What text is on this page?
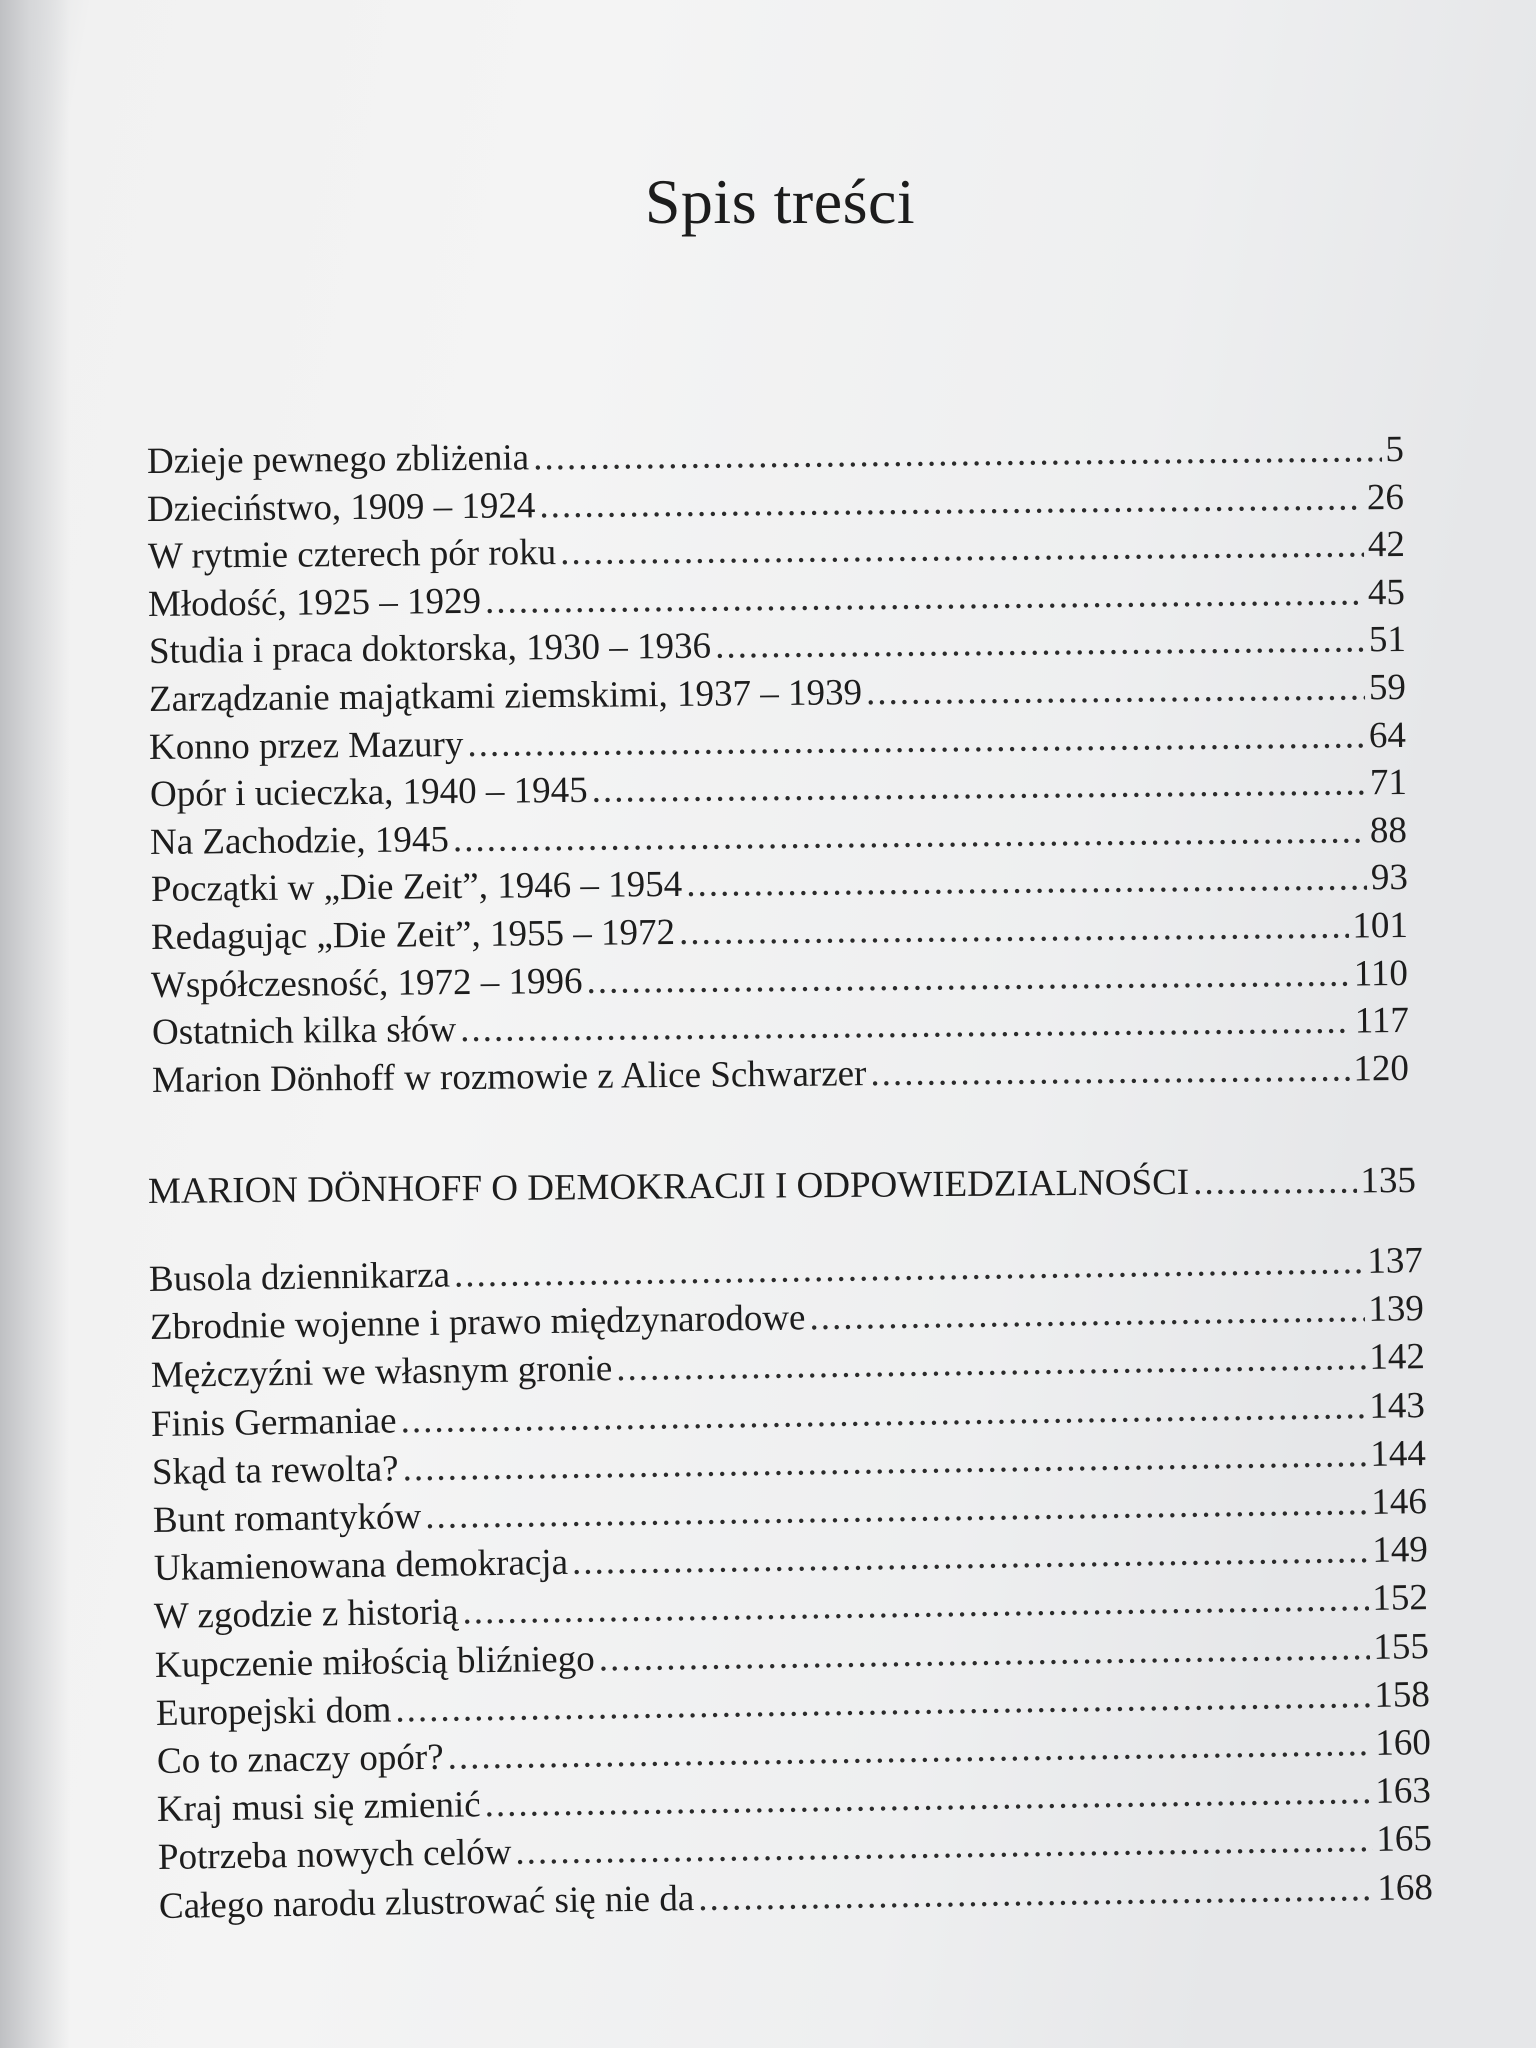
Spis treści
Dzieje pewnego zbliżenia .....	5
Dzieciństwo, 1909 – 1924 .....	26
W rytmie czterech pór roku .....	42
Młodość, 1925 – 1929 .....	45
Studia i praca doktorska, 1930 – 1936 .....	51
Zarządzanie majątkami ziemskimi, 1937 – 1939 .....	59
Konno przez Mazury .....	64
Opór i ucieczka, 1940 – 1945 .....	71
Na Zachodzie, 1945 .....	88
Początki w „Die Zeit”, 1946 – 1954 .....	93
Redagując „Die Zeit”, 1955 – 1972 .....	101
Współczesność, 1972 – 1996 .....	110
Ostatnich kilka słów .....	117
Marion Dönhoff w rozmowie z Alice Schwarzer .....	120
MARION DÖNHOFF O DEMOKRACJI I ODPOWIEDZIALNOŚCI .....	135
Busola dziennikarza .....	137
Zbrodnie wojenne i prawo międzynarodowe .....	139
Mężczyźni we własnym gronie .....	142
Finis Germaniae .....	143
Skąd ta rewolta? .....	144
Bunt romantyków .....	146
Ukamienowana demokracja .....	149
W zgodzie z historią .....	152
Kupczenie miłością bliźniego .....	155
Europejski dom .....	158
Co to znaczy opór? .....	160
Kraj musi się zmienić .....	163
Potrzeba nowych celów .....	165
Całego narodu zlustrować się nie da .....	168
